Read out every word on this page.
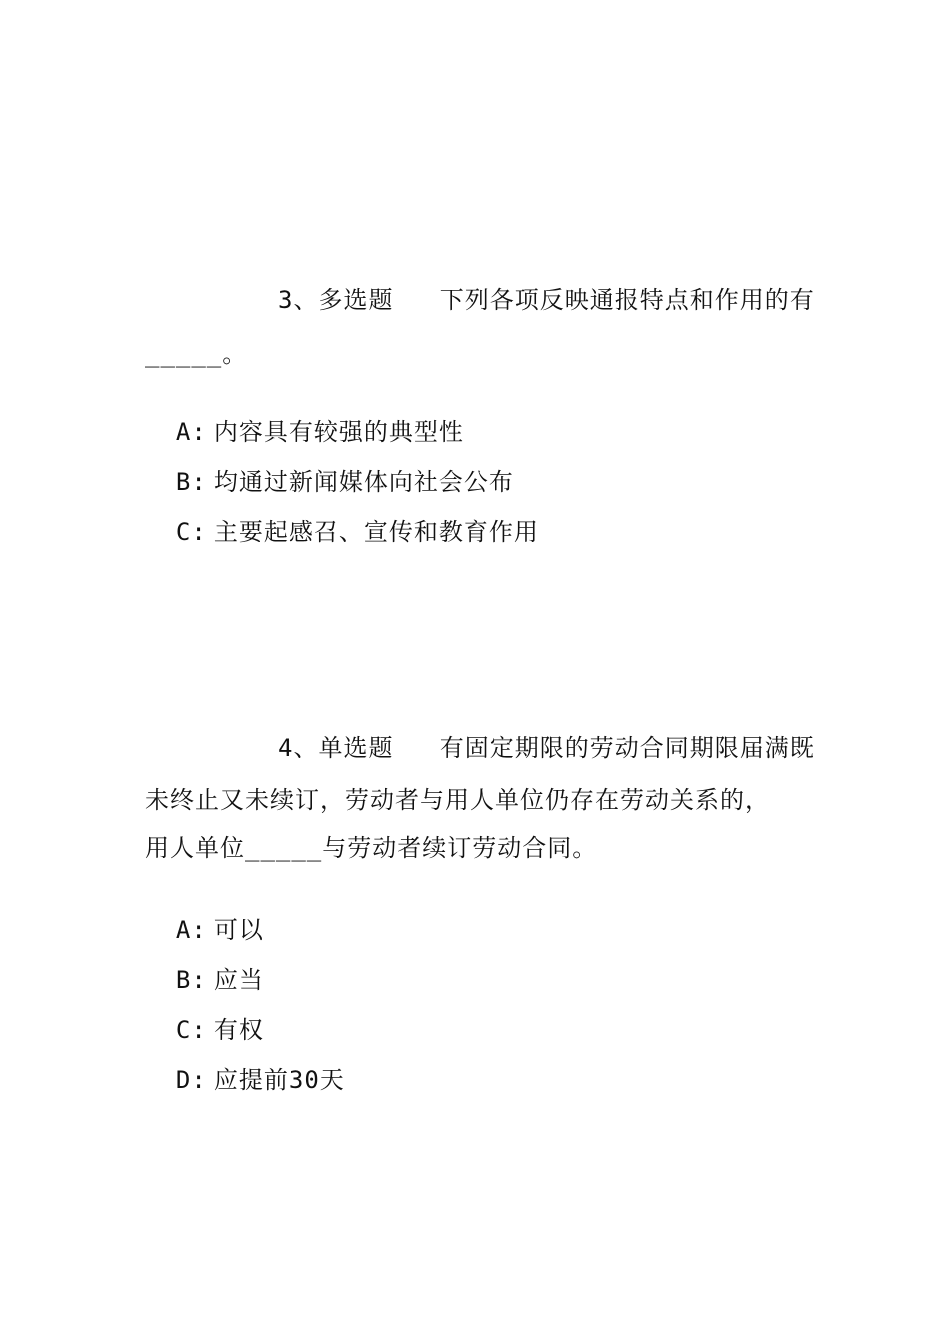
3、多选题   下列各项反映通报特点和作用的有
_____。

A: 内容具有较强的典型性

B: 均通过新闻媒体向社会公布

C: 主要起感召、宣传和教育作用

4、单选题   有固定期限的劳动合同期限届满既
未终止又未续订，劳动者与用人单位仍存在劳动关系的，
用人单位_____与劳动者续订劳动合同。

A: 可以

B: 应当

C: 有权

D: 应提前30天
